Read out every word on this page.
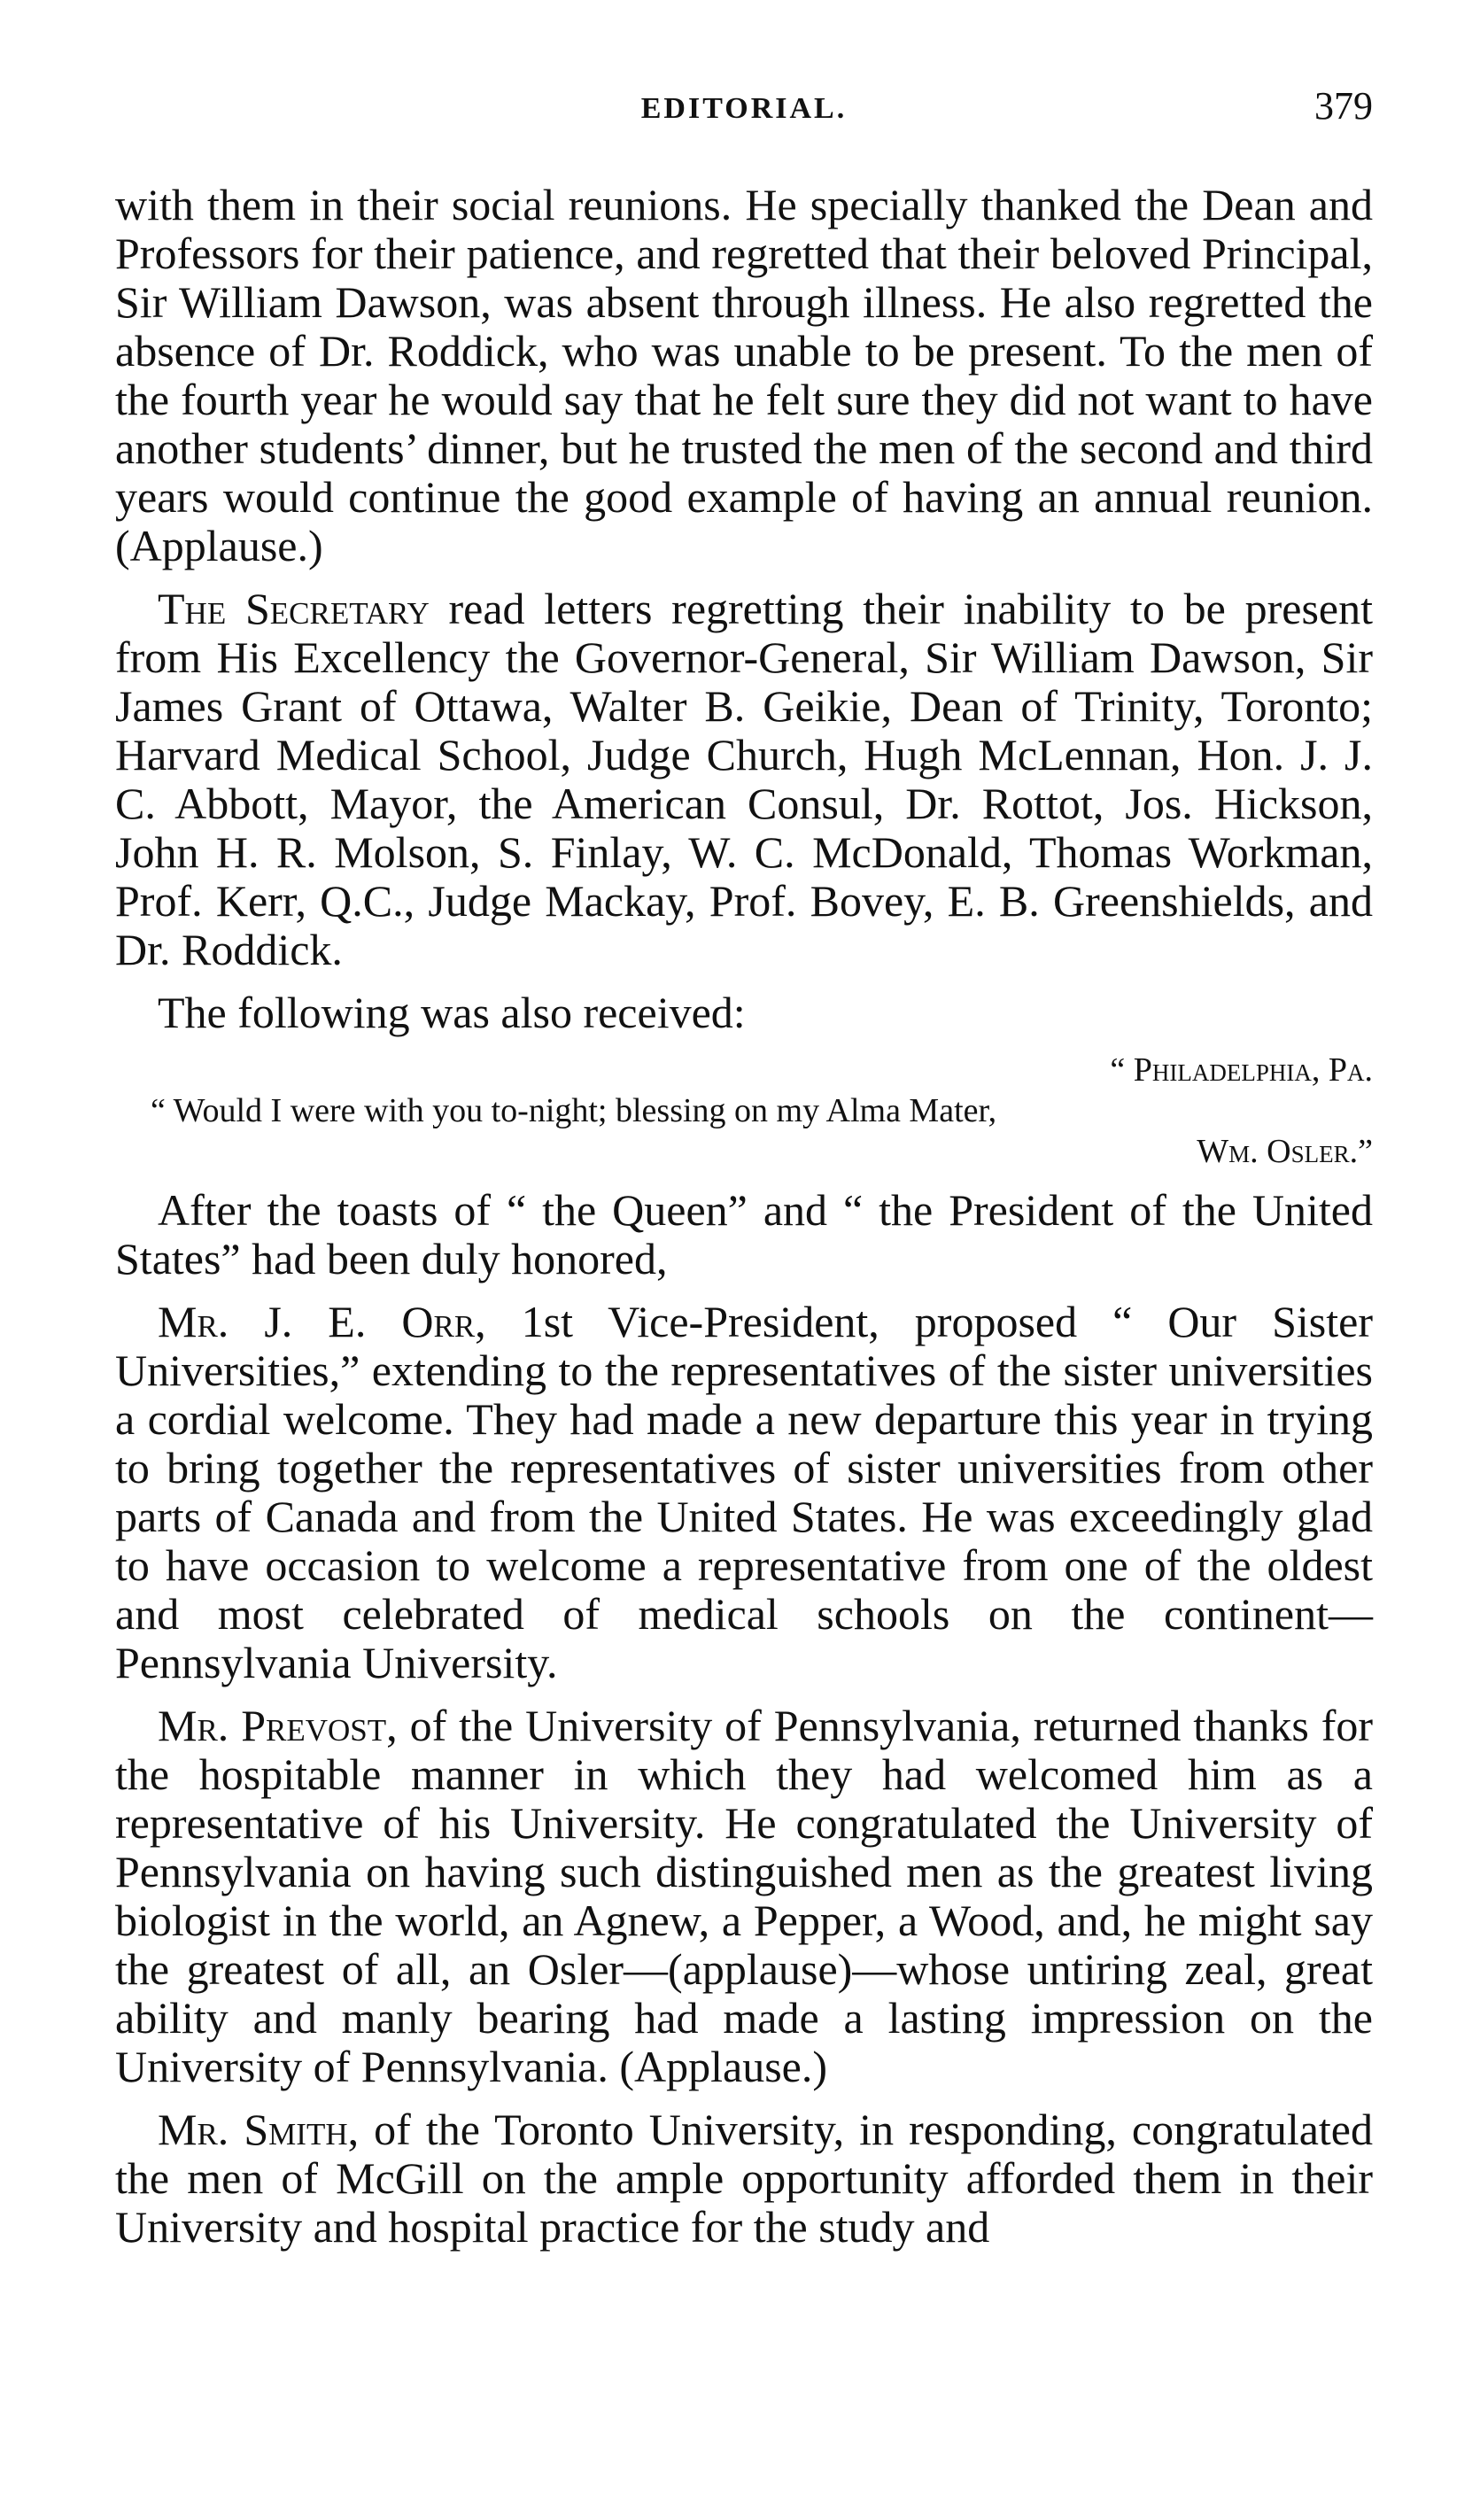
EDITORIAL.	379

with them in their social reunions. He specially thanked the Dean and Professors for their patience, and regretted that their beloved Principal, Sir William Dawson, was absent through illness. He also regretted the absence of Dr. Roddick, who was unable to be present. To the men of the fourth year he would say that he felt sure they did not want to have another students’ dinner, but he trusted the men of the second and third years would continue the good example of having an annual reunion. (Applause.)

The Secretary read letters regretting their inability to be present from His Excellency the Governor-General, Sir William Dawson, Sir James Grant of Ottawa, Walter B. Geikie, Dean of Trinity, Toronto; Harvard Medical School, Judge Church, Hugh McLennan, Hon. J. J. C. Abbott, Mayor, the American Consul, Dr. Rottot, Jos. Hickson, John H. R. Molson, S. Finlay, W. C. McDonald, Thomas Workman, Prof. Kerr, Q.C., Judge Mackay, Prof. Bovey, E. B. Greenshields, and Dr. Roddick.

The following was also received:

“ Philadelphia, Pa.
“ Would I were with you to-night; blessing on my Alma Mater,
Wm. Osler.”

After the toasts of “ the Queen” and “ the President of the United States” had been duly honored,

Mr. J. E. Orr, 1st Vice-President, proposed “ Our Sister Universities,” extending to the representatives of the sister universities a cordial welcome. They had made a new departure this year in trying to bring together the representatives of sister universities from other parts of Canada and from the United States. He was exceedingly glad to have occasion to welcome a representative from one of the oldest and most celebrated of medical schools on the continent—Pennsylvania University.

Mr. Prevost, of the University of Pennsylvania, returned thanks for the hospitable manner in which they had welcomed him as a representative of his University. He congratulated the University of Pennsylvania on having such distinguished men as the greatest living biologist in the world, an Agnew, a Pepper, a Wood, and, he might say the greatest of all, an Osler—(applause)—whose untiring zeal, great ability and manly bearing had made a lasting impression on the University of Pennsylvania. (Applause.)

Mr. Smith, of the Toronto University, in responding, congratulated the men of McGill on the ample opportunity afforded them in their University and hospital practice for the study and
